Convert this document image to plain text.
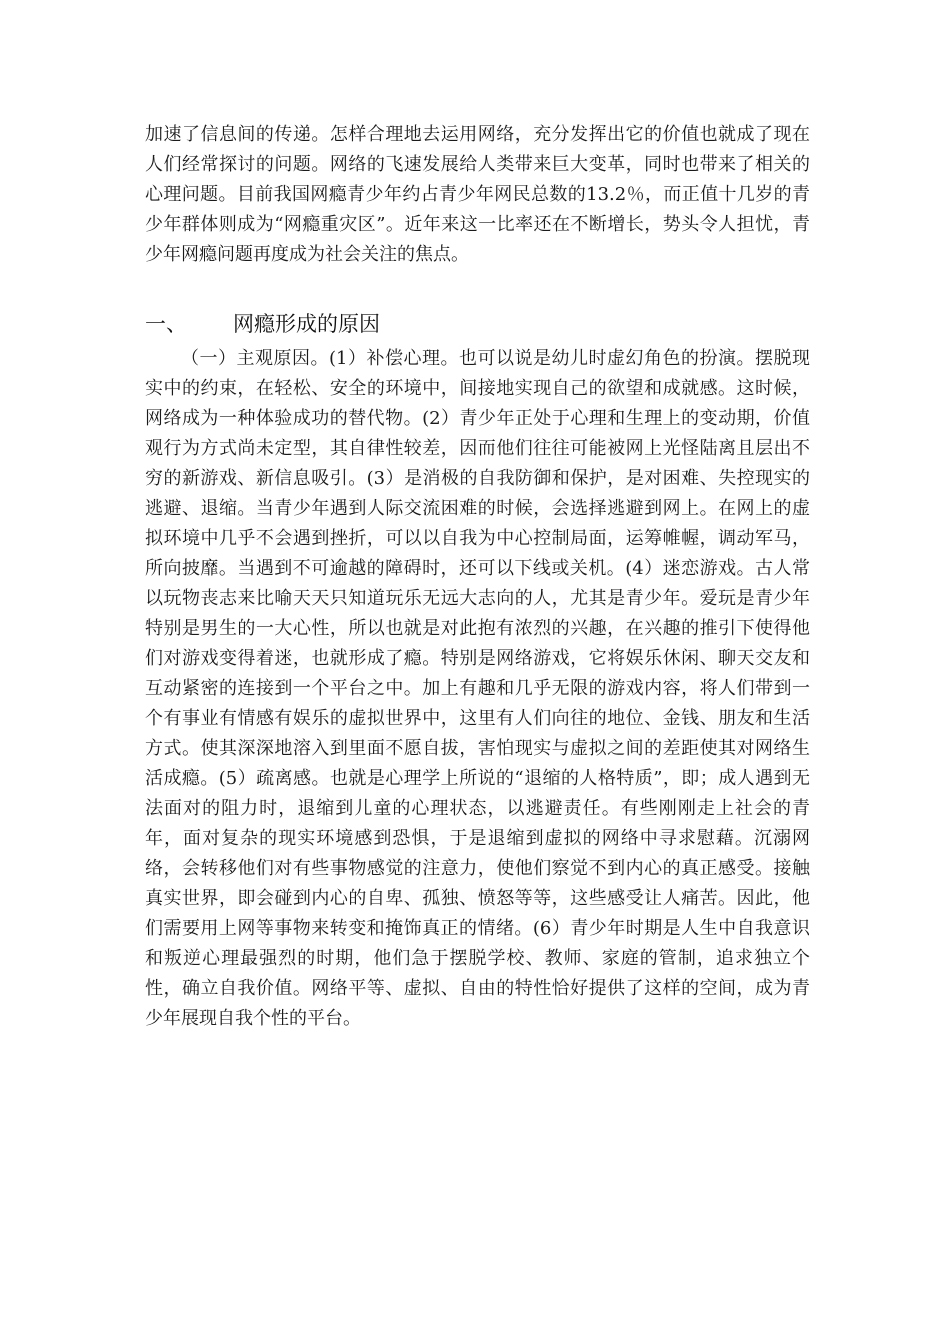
加速了信息间的传递。怎样合理地去运用网络，充分发挥出它的价值也就成了现在人们经常探讨的问题。网络的飞速发展给人类带来巨大变革，同时也带来了相关的心理问题。目前我国网瘾青少年约占青少年网民总数的13.2％，而正值十几岁的青少年群体则成为“网瘾重灾区”。近年来这一比率还在不断增长，势头令人担忧，青少年网瘾问题再度成为社会关注的焦点。
一、 网瘾形成的原因
（一）主观原因。(1）补偿心理。也可以说是幼儿时虚幻角色的扮演。摆脱现实中的约束，在轻松、安全的环境中，间接地实现自己的欲望和成就感。这时候，网络成为一种体验成功的替代物。(2）青少年正处于心理和生理上的变动期，价值观行为方式尚未定型，其自律性较差，因而他们往往可能被网上光怪陆离且层出不穷的新游戏、新信息吸引。(3）是消极的自我防御和保护，是对困难、失控现实的逃避、退缩。当青少年遇到人际交流困难的时候，会选择逃避到网上。在网上的虚拟环境中几乎不会遇到挫折，可以以自我为中心控制局面，运筹帷幄，调动军马，所向披靡。当遇到不可逾越的障碍时，还可以下线或关机。(4）迷恋游戏。古人常以玩物丧志来比喻天天只知道玩乐无远大志向的人，尤其是青少年。爱玩是青少年特别是男生的一大心性，所以也就是对此抱有浓烈的兴趣，在兴趣的推引下使得他们对游戏变得着迷，也就形成了瘾。特别是网络游戏，它将娱乐休闲、聊天交友和互动紧密的连接到一个平台之中。加上有趣和几乎无限的游戏内容，将人们带到一个有事业有情感有娱乐的虚拟世界中，这里有人们向往的地位、金钱、朋友和生活方式。使其深深地溶入到里面不愿自拔，害怕现实与虚拟之间的差距使其对网络生活成瘾。(5）疏离感。也就是心理学上所说的“退缩的人格特质”，即；成人遇到无法面对的阻力时，退缩到儿童的心理状态，以逃避责任。有些刚刚走上社会的青年，面对复杂的现实环境感到恐惧，于是退缩到虚拟的网络中寻求慰藉。沉溺网络，会转移他们对有些事物感觉的注意力，使他们察觉不到内心的真正感受。接触真实世界，即会碰到内心的自卑、孤独、愤怒等等，这些感受让人痛苦。因此，他们需要用上网等事物来转变和掩饰真正的情绪。(6）青少年时期是人生中自我意识和叛逆心理最强烈的时期，他们急于摆脱学校、教师、家庭的管制，追求独立个性，确立自我价值。网络平等、虚拟、自由的特性恰好提供了这样的空间，成为青少年展现自我个性的平台。
